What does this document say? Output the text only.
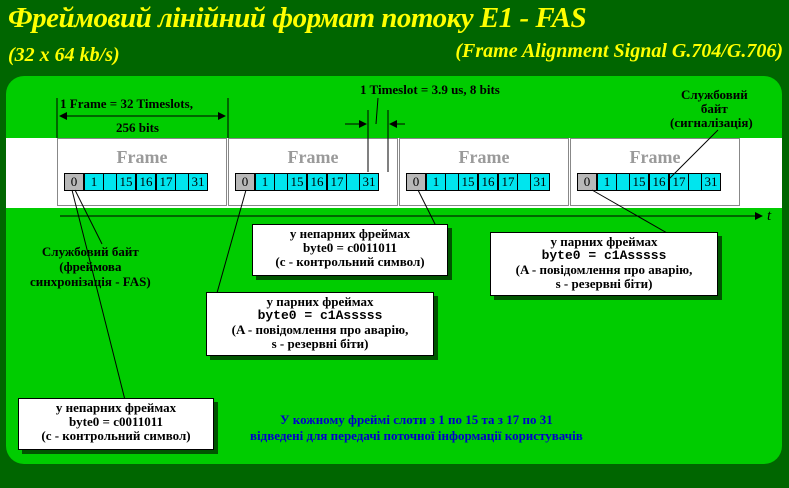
Фреймовий лінійний формат потоку Е1 - FAS
(32 x 64 kb/s)	(Frame Alignment Signal G.704/G.706)
Frame
0	1	15 16 17 31
Frame
0	1	15 16 17 31
Frame
0	1	15 16 17 31
Frame
0	1	15 16 17 31
1 Frame = 32 Timeslots,
256 bits
1 Timeslot = 3.9 us, 8 bits	Службовий
байт
(сигналізація)
t
Службовий байт
(фреймова
синхронізація - FAS)
у непарних фреймах
byte0 = c0011011
(c - контрольний символ)
у парних фреймах
byte0 = c1Asssss
(A - повідомлення про аварію,
s - резервні біти)
у парних фреймах
byte0 = c1Asssss
(A - повідомлення про аварію,
s - резервні біти)
у непарних фреймах
byte0 = c0011011
(c - контрольний символ)
У кожному фреймі слоти з 1 по 15 та з 17 по 31
відведені для передачі поточної інформації користувачів
